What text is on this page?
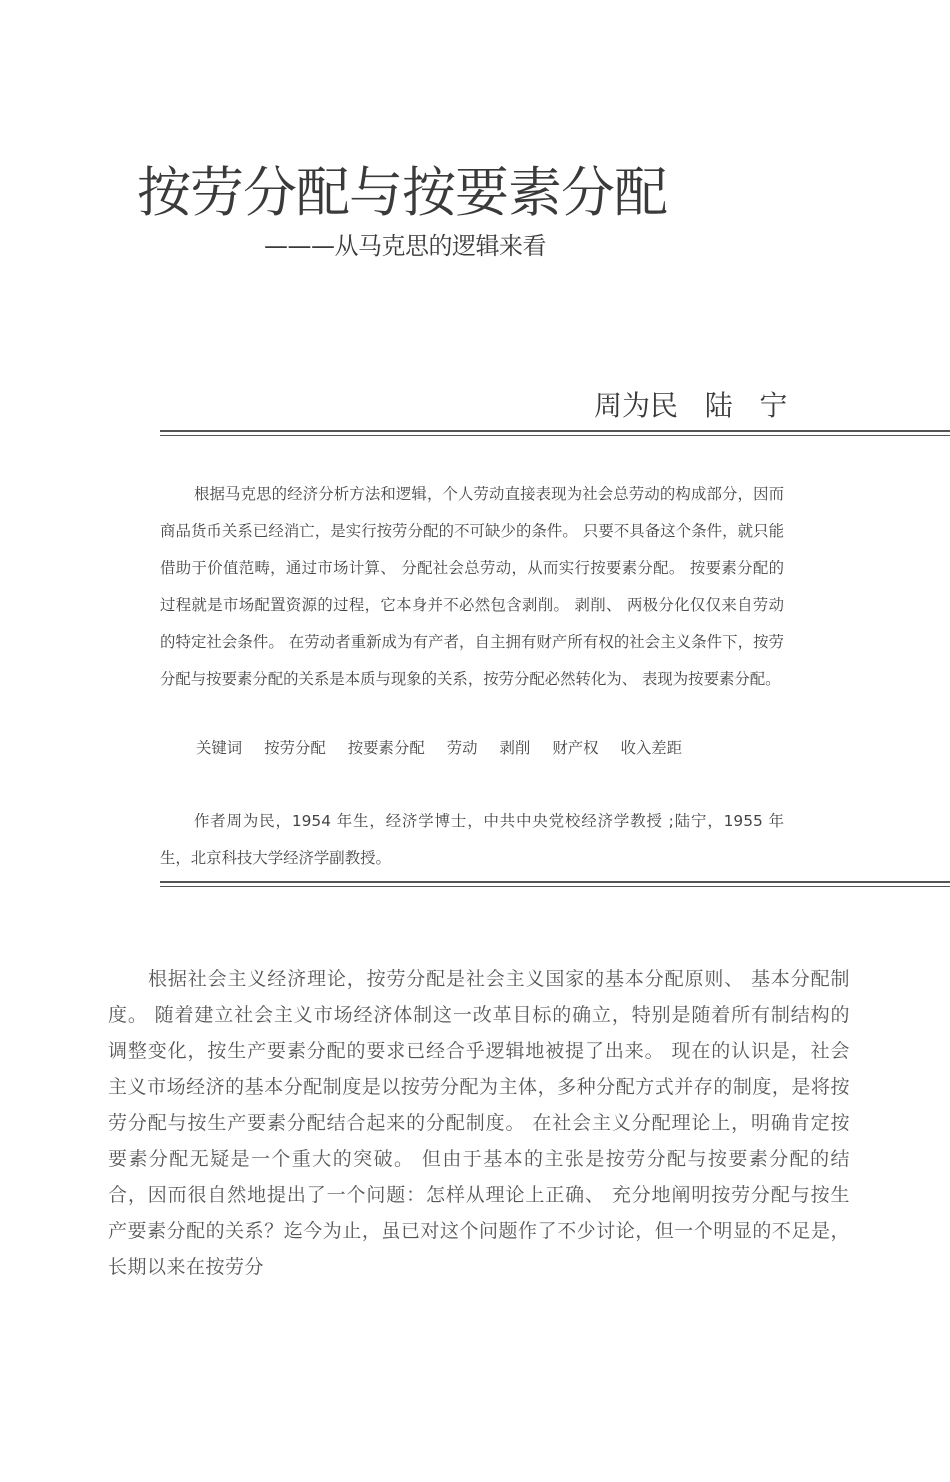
按劳分配与按要素分配
———从马克思的逻辑来看
周为民   陆   宁

根据马克思的经济分析方法和逻辑，个人劳动直接表现为社会总劳动的构成部分，因而商品货币关系已经消亡，是实行按劳分配的不可缺少的条件。 只要不具备这个条件，就只能借助于价值范畴，通过市场计算、 分配社会总劳动，从而实行按要素分配。 按要素分配的过程就是市场配置资源的过程，它本身并不必然包含剥削。 剥削、 两极分化仅仅来自劳动的特定社会条件。 在劳动者重新成为有产者，自主拥有财产所有权的社会主义条件下，按劳分配与按要素分配的关系是本质与现象的关系，按劳分配必然转化为、 表现为按要素分配。

关键词 按劳分配 按要素分配 劳动 剥削 财产权 收入差距

作者周为民，1954 年生，经济学博士，中共中央党校经济学教授 ;陆宁，1955 年生，北京科技大学经济学副教授。

根据社会主义经济理论，按劳分配是社会主义国家的基本分配原则、 基本分配制度。 随着建立社会主义市场经济体制这一改革目标的确立，特别是随着所有制结构的调整变化，按生产要素分配的要求已经合乎逻辑地被提了出来。 现在的认识是，社会主义市场经济的基本分配制度是以按劳分配为主体，多种分配方式并存的制度，是将按劳分配与按生产要素分配结合起来的分配制度。 在社会主义分配理论上，明确肯定按要素分配无疑是一个重大的突破。 但由于基本的主张是按劳分配与按要素分配的结合，因而很自然地提出了一个问题：怎样从理论上正确、 充分地阐明按劳分配与按生产要素分配的关系？迄今为止，虽已对这个问题作了不少讨论，但一个明显的不足是，长期以来在按劳分
